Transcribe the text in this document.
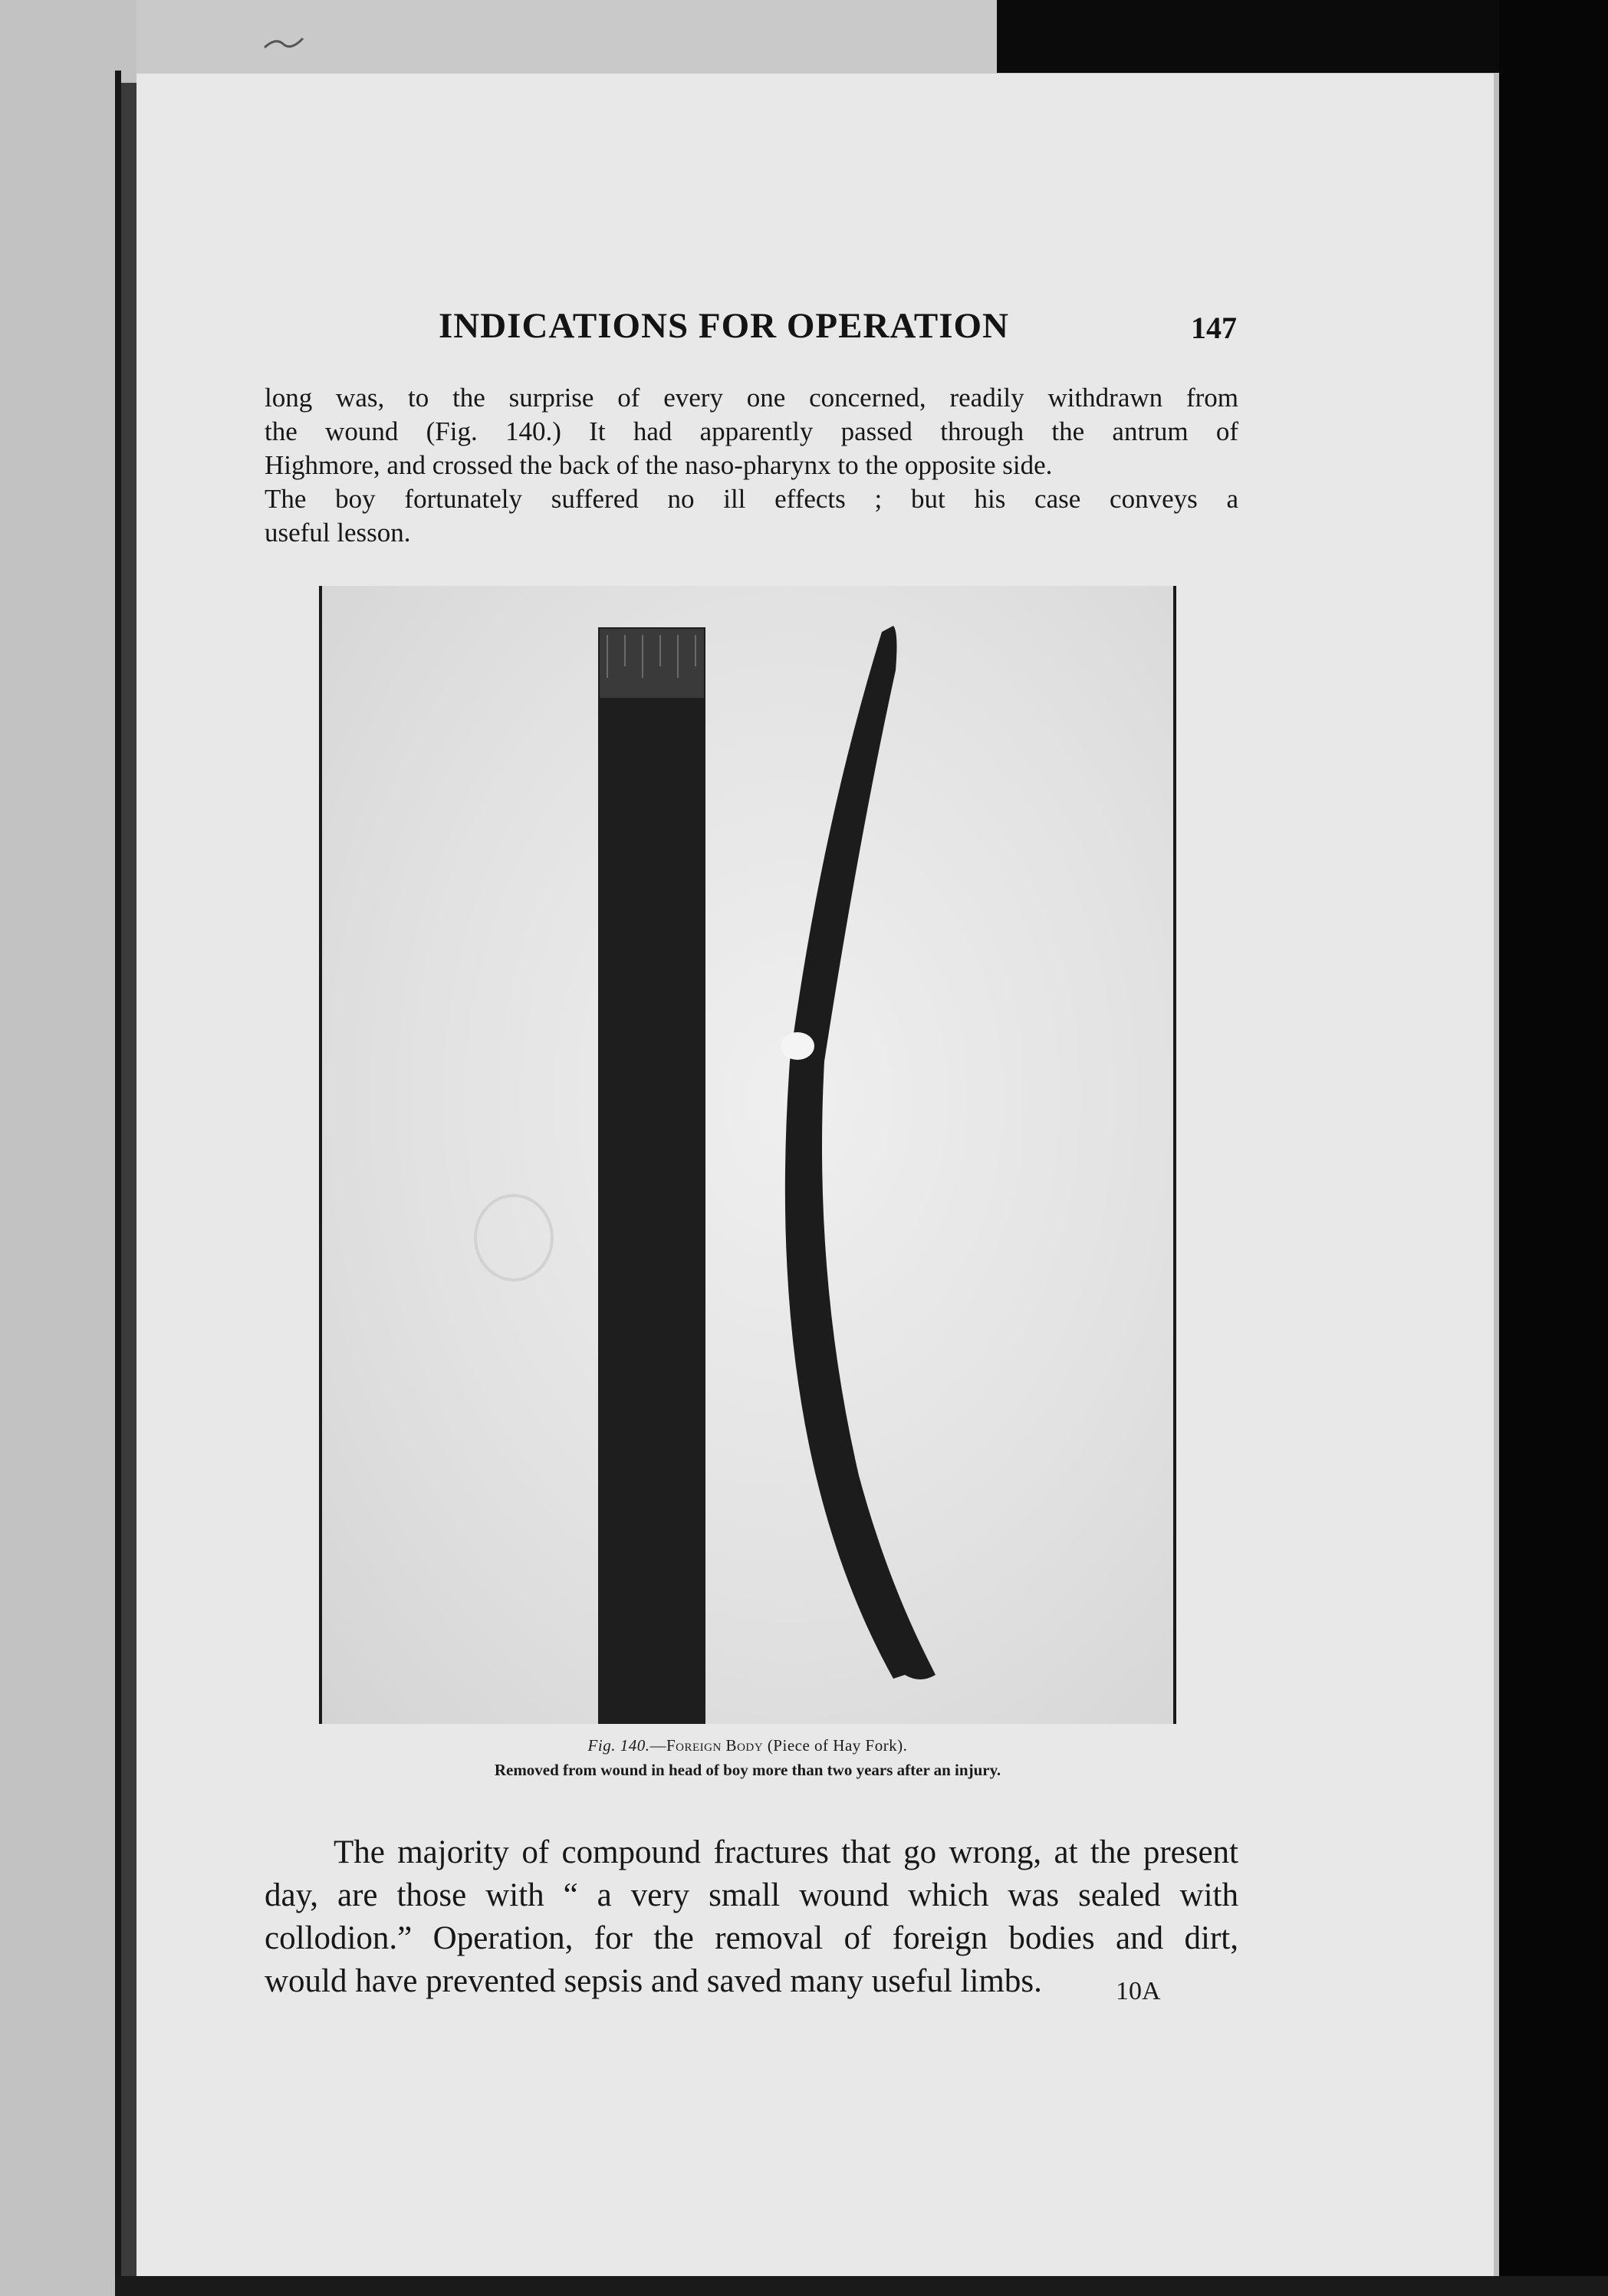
INDICATIONS FOR OPERATION	147
long was, to the surprise of every one concerned, readily withdrawn from
the wound (Fig. 140.) It had apparently passed through the antrum of
Highmore, and crossed the back of the naso-pharynx to the opposite side.
The boy fortunately suffered no ill effects ; but his case conveys a
useful lesson.
Fig. 140.—Foreign Body (Piece of Hay Fork).
Removed from wound in head of boy more than two years after an injury.
The majority of compound fractures that go wrong, at the present
day, are those with “ a very small wound which was sealed with
collodion.” Operation, for the removal of foreign bodies and dirt,
would have prevented sepsis and saved many useful limbs.	10A
